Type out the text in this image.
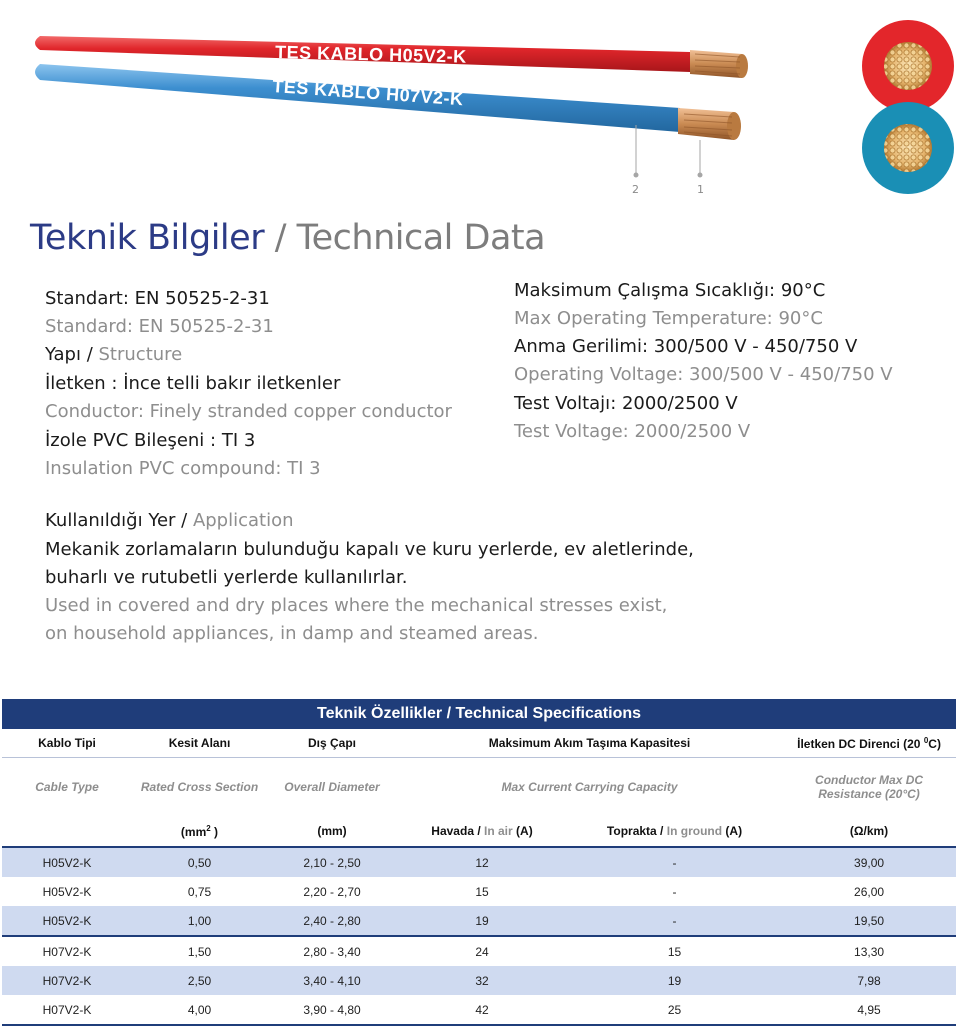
TES KABLO H05V2-K
TES KABLO H07V2-K
2	1
Teknik Bilgiler / Technical Data
Standart: EN 50525-2-31
Standard: EN 50525-2-31
Yapı / Structure
İletken : İnce telli bakır iletkenler
Conductor: Finely stranded copper conductor
İzole PVC Bileşeni : TI 3
Insulation PVC compound: TI 3
Maksimum Çalışma Sıcaklığı: 90°C
Max Operating Temperature: 90°C
Anma Gerilimi: 300/500 V - 450/750 V
Operating Voltage: 300/500 V - 450/750 V
Test Voltajı: 2000/2500 V
Test Voltage: 2000/2500 V
Kullanıldığı Yer / Application
Mekanik zorlamaların bulunduğu kapalı ve kuru yerlerde, ev aletlerinde,
buharlı ve rutubetli yerlerde kullanılırlar.
Used in covered and dry places where the mechanical stresses exist,
on household appliances, in damp and steamed areas.
Teknik Özellikler / Technical Specifications					
Kablo Tipi	Kesit Alanı	Dış Çapı	Maksimum Akım Taşıma Kapasitesi		İletken DC Direnci (20 $^0$C)
Cable Type	Rated Cross Section	Overall Diameter	Max Current Carrying Capacity		Conductor Max DC
Resistance (20°C)
	($mm^2$ )	(mm)	Havada / In air (A)	Toprakta / In ground (A)	(Ω/km)
H05V2-K	0,50	2,10 - 2,50	12	-	39,00
H05V2-K	0,75	2,20 - 2,70	15	-	26,00
H05V2-K	1,00	2,40 - 2,80	19	-	19,50
H07V2-K	1,50	2,80 - 3,40	24	15	13,30
H07V2-K	2,50	3,40 - 4,10	32	19	7,98
H07V2-K	4,00	3,90 - 4,80	42	25	4,95
